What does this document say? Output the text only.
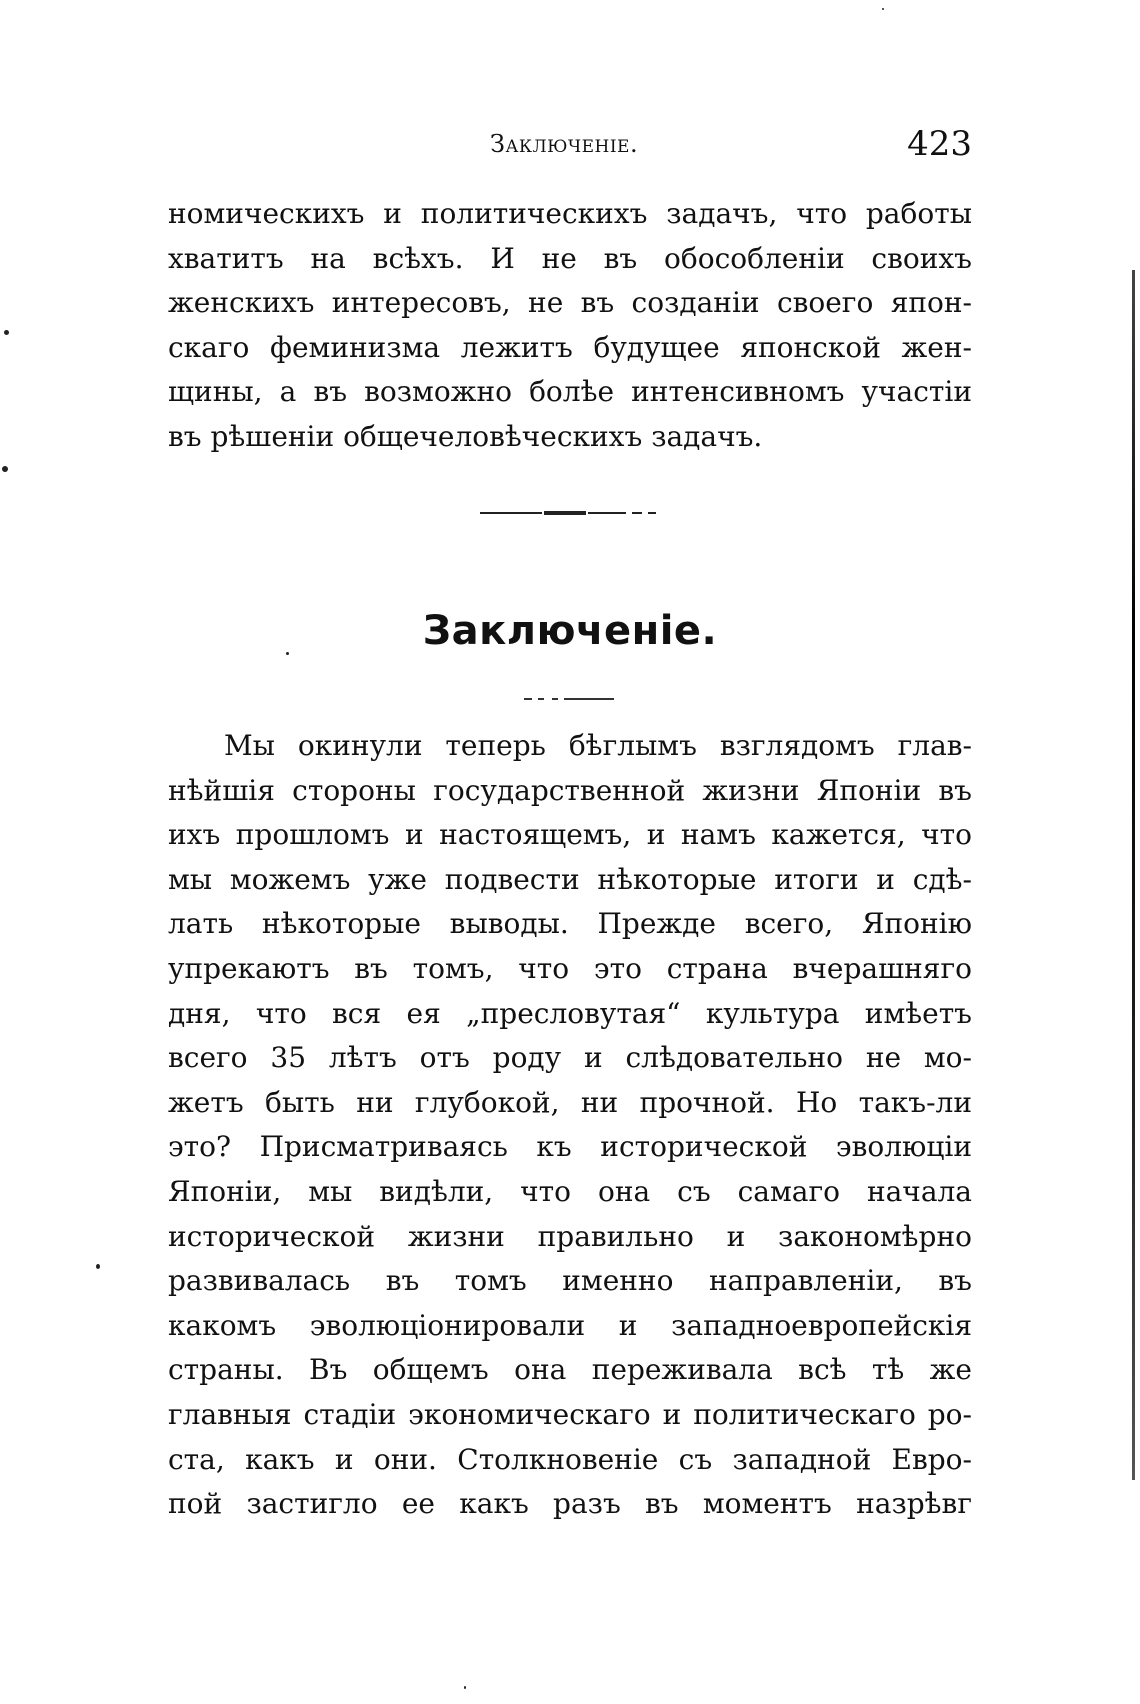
Заключеніе.	423
номическихъ и политическихъ задачъ, что работы
хватитъ на всѣхъ. И не въ обособленіи своихъ
женскихъ интересовъ, не въ созданіи своего япон-
скаго феминизма лежитъ будущее японской жен-
щины, а въ возможно болѣе интенсивномъ участіи
въ рѣшеніи общечеловѣческихъ задачъ.
Заключеніе.
Мы окинули теперь бѣглымъ взглядомъ глав-
нѣйшія стороны государственной жизни Японіи въ
ихъ прошломъ и настоящемъ, и намъ кажется, что
мы можемъ уже подвести нѣкоторые итоги и сдѣ-
лать нѣкоторые выводы. Прежде всего, Японію
упрекаютъ въ томъ, что это страна вчерашняго
дня, что вся ея „пресловутая“ культура имѣетъ
всего 35 лѣтъ отъ роду и слѣдовательно не мо-
жетъ быть ни глубокой, ни прочной. Но такъ-ли
это? Присматриваясь къ исторической эволюціи
Японіи, мы видѣли, что она съ самаго начала
исторической жизни правильно и закономѣрно
развивалась въ томъ именно направленіи, въ
какомъ эволюціонировали и западноевропейскія
страны. Въ общемъ она переживала всѣ тѣ же
главныя стадіи экономическаго и политическаго ро-
ста, какъ и они. Столкновеніе съ западной Евро-
пой застигло ее какъ разъ въ моментъ назрѣвг
